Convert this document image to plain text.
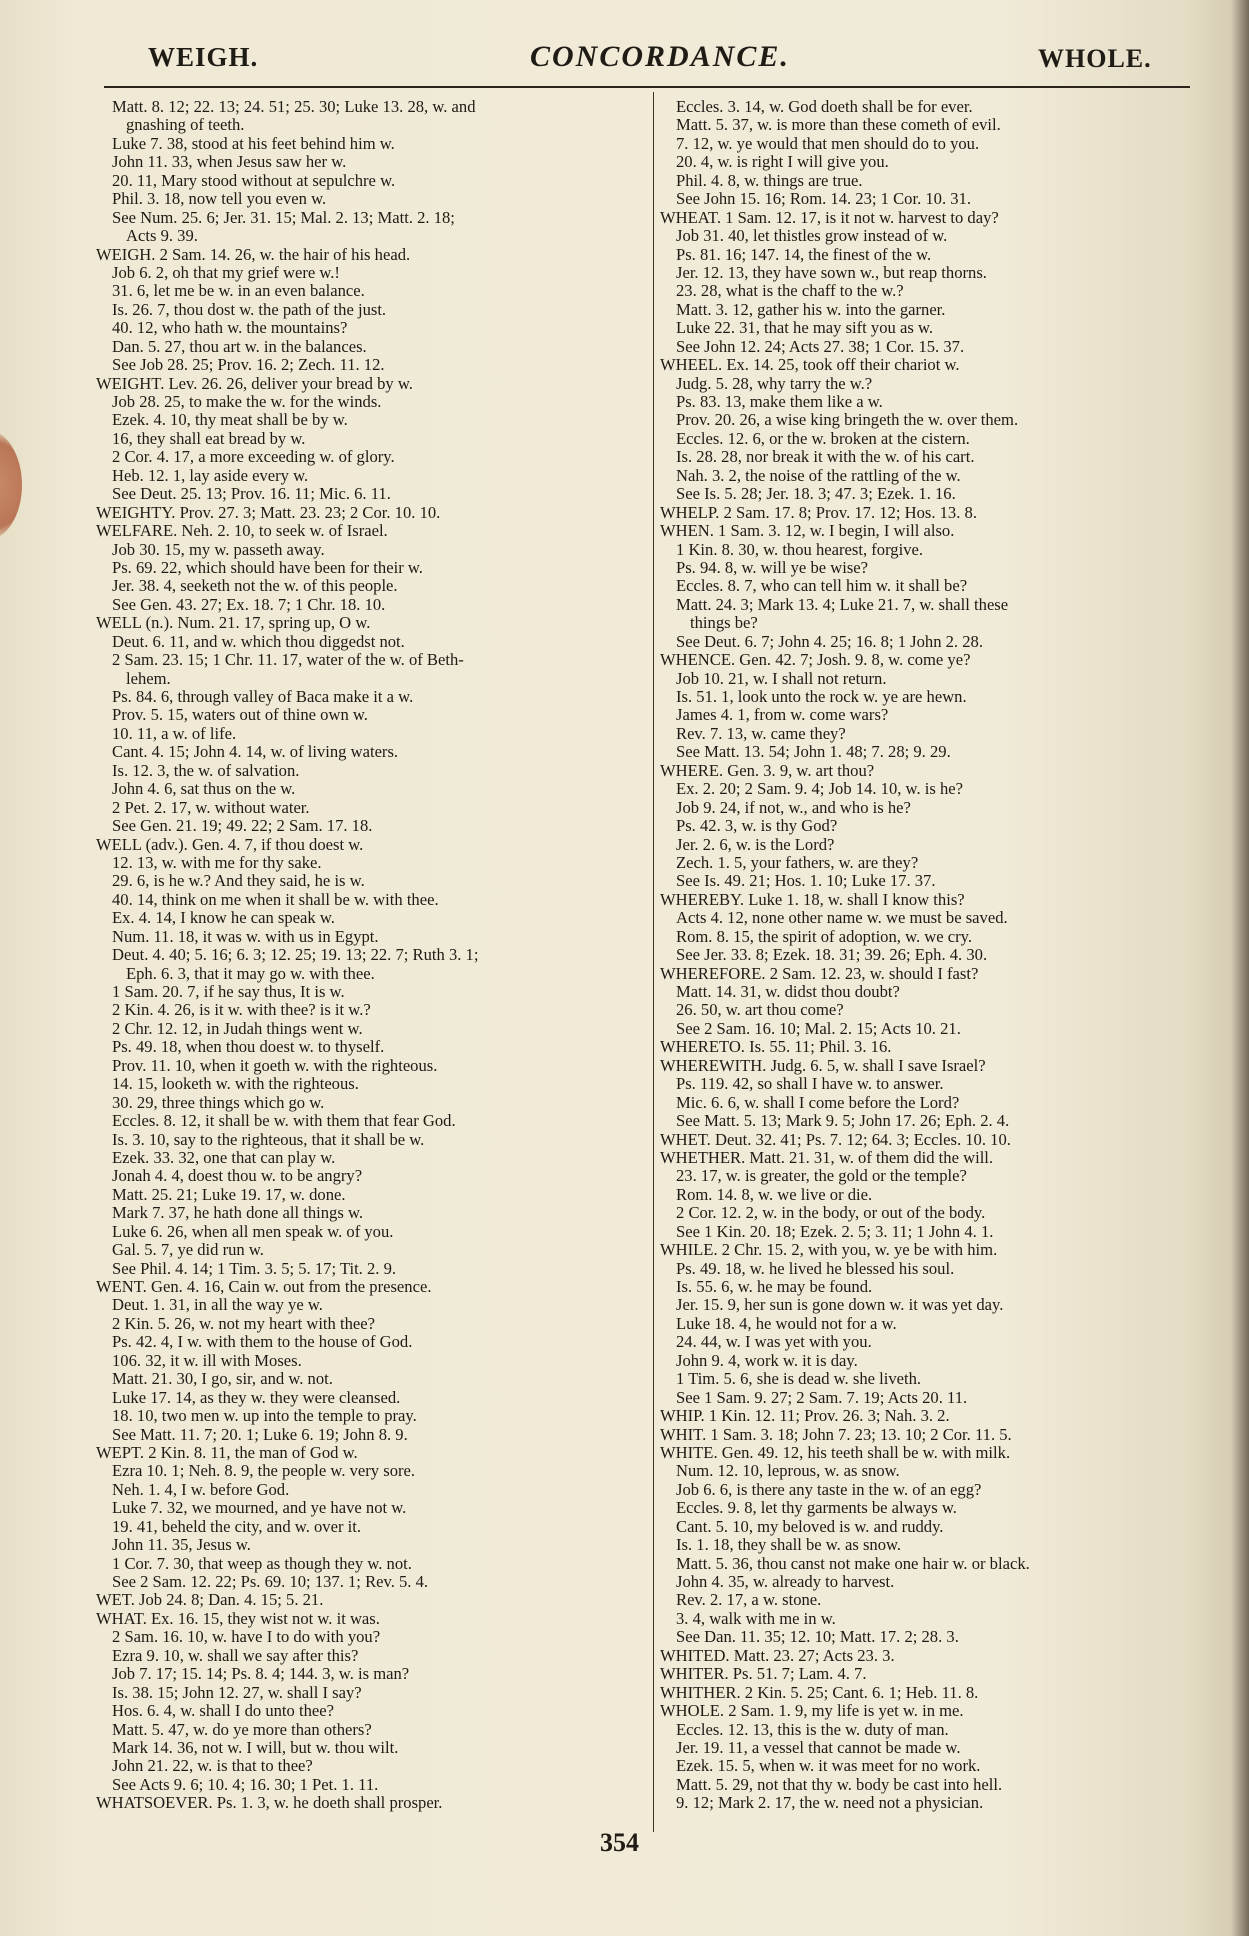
WEIGH.	CONCORDANCE.	WHOLE.
Matt. 8. 12; 22. 13; 24. 51; 25. 30; Luke 13. 28, w. and
gnashing of teeth.
Luke 7. 38, stood at his feet behind him w.
John 11. 33, when Jesus saw her w.
20. 11, Mary stood without at sepulchre w.
Phil. 3. 18, now tell you even w.
See Num. 25. 6; Jer. 31. 15; Mal. 2. 13; Matt. 2. 18;
Acts 9. 39.
WEIGH. 2 Sam. 14. 26, w. the hair of his head.
Job 6. 2, oh that my grief were w.!
31. 6, let me be w. in an even balance.
Is. 26. 7, thou dost w. the path of the just.
40. 12, who hath w. the mountains?
Dan. 5. 27, thou art w. in the balances.
See Job 28. 25; Prov. 16. 2; Zech. 11. 12.
WEIGHT. Lev. 26. 26, deliver your bread by w.
Job 28. 25, to make the w. for the winds.
Ezek. 4. 10, thy meat shall be by w.
16, they shall eat bread by w.
2 Cor. 4. 17, a more exceeding w. of glory.
Heb. 12. 1, lay aside every w.
See Deut. 25. 13; Prov. 16. 11; Mic. 6. 11.
WEIGHTY. Prov. 27. 3; Matt. 23. 23; 2 Cor. 10. 10.
WELFARE. Neh. 2. 10, to seek w. of Israel.
Job 30. 15, my w. passeth away.
Ps. 69. 22, which should have been for their w.
Jer. 38. 4, seeketh not the w. of this people.
See Gen. 43. 27; Ex. 18. 7; 1 Chr. 18. 10.
WELL (n.). Num. 21. 17, spring up, O w.
Deut. 6. 11, and w. which thou diggedst not.
2 Sam. 23. 15; 1 Chr. 11. 17, water of the w. of Beth-
lehem.
Ps. 84. 6, through valley of Baca make it a w.
Prov. 5. 15, waters out of thine own w.
10. 11, a w. of life.
Cant. 4. 15; John 4. 14, w. of living waters.
Is. 12. 3, the w. of salvation.
John 4. 6, sat thus on the w.
2 Pet. 2. 17, w. without water.
See Gen. 21. 19; 49. 22; 2 Sam. 17. 18.
WELL (adv.). Gen. 4. 7, if thou doest w.
12. 13, w. with me for thy sake.
29. 6, is he w.? And they said, he is w.
40. 14, think on me when it shall be w. with thee.
Ex. 4. 14, I know he can speak w.
Num. 11. 18, it was w. with us in Egypt.
Deut. 4. 40; 5. 16; 6. 3; 12. 25; 19. 13; 22. 7; Ruth 3. 1;
Eph. 6. 3, that it may go w. with thee.
1 Sam. 20. 7, if he say thus, It is w.
2 Kin. 4. 26, is it w. with thee? is it w.?
2 Chr. 12. 12, in Judah things went w.
Ps. 49. 18, when thou doest w. to thyself.
Prov. 11. 10, when it goeth w. with the righteous.
14. 15, looketh w. with the righteous.
30. 29, three things which go w.
Eccles. 8. 12, it shall be w. with them that fear God.
Is. 3. 10, say to the righteous, that it shall be w.
Ezek. 33. 32, one that can play w.
Jonah 4. 4, doest thou w. to be angry?
Matt. 25. 21; Luke 19. 17, w. done.
Mark 7. 37, he hath done all things w.
Luke 6. 26, when all men speak w. of you.
Gal. 5. 7, ye did run w.
See Phil. 4. 14; 1 Tim. 3. 5; 5. 17; Tit. 2. 9.
WENT. Gen. 4. 16, Cain w. out from the presence.
Deut. 1. 31, in all the way ye w.
2 Kin. 5. 26, w. not my heart with thee?
Ps. 42. 4, I w. with them to the house of God.
106. 32, it w. ill with Moses.
Matt. 21. 30, I go, sir, and w. not.
Luke 17. 14, as they w. they were cleansed.
18. 10, two men w. up into the temple to pray.
See Matt. 11. 7; 20. 1; Luke 6. 19; John 8. 9.
WEPT. 2 Kin. 8. 11, the man of God w.
Ezra 10. 1; Neh. 8. 9, the people w. very sore.
Neh. 1. 4, I w. before God.
Luke 7. 32, we mourned, and ye have not w.
19. 41, beheld the city, and w. over it.
John 11. 35, Jesus w.
1 Cor. 7. 30, that weep as though they w. not.
See 2 Sam. 12. 22; Ps. 69. 10; 137. 1; Rev. 5. 4.
WET. Job 24. 8; Dan. 4. 15; 5. 21.
WHAT. Ex. 16. 15, they wist not w. it was.
2 Sam. 16. 10, w. have I to do with you?
Ezra 9. 10, w. shall we say after this?
Job 7. 17; 15. 14; Ps. 8. 4; 144. 3, w. is man?
Is. 38. 15; John 12. 27, w. shall I say?
Hos. 6. 4, w. shall I do unto thee?
Matt. 5. 47, w. do ye more than others?
Mark 14. 36, not w. I will, but w. thou wilt.
John 21. 22, w. is that to thee?
See Acts 9. 6; 10. 4; 16. 30; 1 Pet. 1. 11.
WHATSOEVER. Ps. 1. 3, w. he doeth shall prosper.
Eccles. 3. 14, w. God doeth shall be for ever.
Matt. 5. 37, w. is more than these cometh of evil.
7. 12, w. ye would that men should do to you.
20. 4, w. is right I will give you.
Phil. 4. 8, w. things are true.
See John 15. 16; Rom. 14. 23; 1 Cor. 10. 31.
WHEAT. 1 Sam. 12. 17, is it not w. harvest to day?
Job 31. 40, let thistles grow instead of w.
Ps. 81. 16; 147. 14, the finest of the w.
Jer. 12. 13, they have sown w., but reap thorns.
23. 28, what is the chaff to the w.?
Matt. 3. 12, gather his w. into the garner.
Luke 22. 31, that he may sift you as w.
See John 12. 24; Acts 27. 38; 1 Cor. 15. 37.
WHEEL. Ex. 14. 25, took off their chariot w.
Judg. 5. 28, why tarry the w.?
Ps. 83. 13, make them like a w.
Prov. 20. 26, a wise king bringeth the w. over them.
Eccles. 12. 6, or the w. broken at the cistern.
Is. 28. 28, nor break it with the w. of his cart.
Nah. 3. 2, the noise of the rattling of the w.
See Is. 5. 28; Jer. 18. 3; 47. 3; Ezek. 1. 16.
WHELP. 2 Sam. 17. 8; Prov. 17. 12; Hos. 13. 8.
WHEN. 1 Sam. 3. 12, w. I begin, I will also.
1 Kin. 8. 30, w. thou hearest, forgive.
Ps. 94. 8, w. will ye be wise?
Eccles. 8. 7, who can tell him w. it shall be?
Matt. 24. 3; Mark 13. 4; Luke 21. 7, w. shall these
things be?
See Deut. 6. 7; John 4. 25; 16. 8; 1 John 2. 28.
WHENCE. Gen. 42. 7; Josh. 9. 8, w. come ye?
Job 10. 21, w. I shall not return.
Is. 51. 1, look unto the rock w. ye are hewn.
James 4. 1, from w. come wars?
Rev. 7. 13, w. came they?
See Matt. 13. 54; John 1. 48; 7. 28; 9. 29.
WHERE. Gen. 3. 9, w. art thou?
Ex. 2. 20; 2 Sam. 9. 4; Job 14. 10, w. is he?
Job 9. 24, if not, w., and who is he?
Ps. 42. 3, w. is thy God?
Jer. 2. 6, w. is the Lord?
Zech. 1. 5, your fathers, w. are they?
See Is. 49. 21; Hos. 1. 10; Luke 17. 37.
WHEREBY. Luke 1. 18, w. shall I know this?
Acts 4. 12, none other name w. we must be saved.
Rom. 8. 15, the spirit of adoption, w. we cry.
See Jer. 33. 8; Ezek. 18. 31; 39. 26; Eph. 4. 30.
WHEREFORE. 2 Sam. 12. 23, w. should I fast?
Matt. 14. 31, w. didst thou doubt?
26. 50, w. art thou come?
See 2 Sam. 16. 10; Mal. 2. 15; Acts 10. 21.
WHERETO. Is. 55. 11; Phil. 3. 16.
WHEREWITH. Judg. 6. 5, w. shall I save Israel?
Ps. 119. 42, so shall I have w. to answer.
Mic. 6. 6, w. shall I come before the Lord?
See Matt. 5. 13; Mark 9. 5; John 17. 26; Eph. 2. 4.
WHET. Deut. 32. 41; Ps. 7. 12; 64. 3; Eccles. 10. 10.
WHETHER. Matt. 21. 31, w. of them did the will.
23. 17, w. is greater, the gold or the temple?
Rom. 14. 8, w. we live or die.
2 Cor. 12. 2, w. in the body, or out of the body.
See 1 Kin. 20. 18; Ezek. 2. 5; 3. 11; 1 John 4. 1.
WHILE. 2 Chr. 15. 2, with you, w. ye be with him.
Ps. 49. 18, w. he lived he blessed his soul.
Is. 55. 6, w. he may be found.
Jer. 15. 9, her sun is gone down w. it was yet day.
Luke 18. 4, he would not for a w.
24. 44, w. I was yet with you.
John 9. 4, work w. it is day.
1 Tim. 5. 6, she is dead w. she liveth.
See 1 Sam. 9. 27; 2 Sam. 7. 19; Acts 20. 11.
WHIP. 1 Kin. 12. 11; Prov. 26. 3; Nah. 3. 2.
WHIT. 1 Sam. 3. 18; John 7. 23; 13. 10; 2 Cor. 11. 5.
WHITE. Gen. 49. 12, his teeth shall be w. with milk.
Num. 12. 10, leprous, w. as snow.
Job 6. 6, is there any taste in the w. of an egg?
Eccles. 9. 8, let thy garments be always w.
Cant. 5. 10, my beloved is w. and ruddy.
Is. 1. 18, they shall be w. as snow.
Matt. 5. 36, thou canst not make one hair w. or black.
John 4. 35, w. already to harvest.
Rev. 2. 17, a w. stone.
3. 4, walk with me in w.
See Dan. 11. 35; 12. 10; Matt. 17. 2; 28. 3.
WHITED. Matt. 23. 27; Acts 23. 3.
WHITER. Ps. 51. 7; Lam. 4. 7.
WHITHER. 2 Kin. 5. 25; Cant. 6. 1; Heb. 11. 8.
WHOLE. 2 Sam. 1. 9, my life is yet w. in me.
Eccles. 12. 13, this is the w. duty of man.
Jer. 19. 11, a vessel that cannot be made w.
Ezek. 15. 5, when w. it was meet for no work.
Matt. 5. 29, not that thy w. body be cast into hell.
9. 12; Mark 2. 17, the w. need not a physician.
354
